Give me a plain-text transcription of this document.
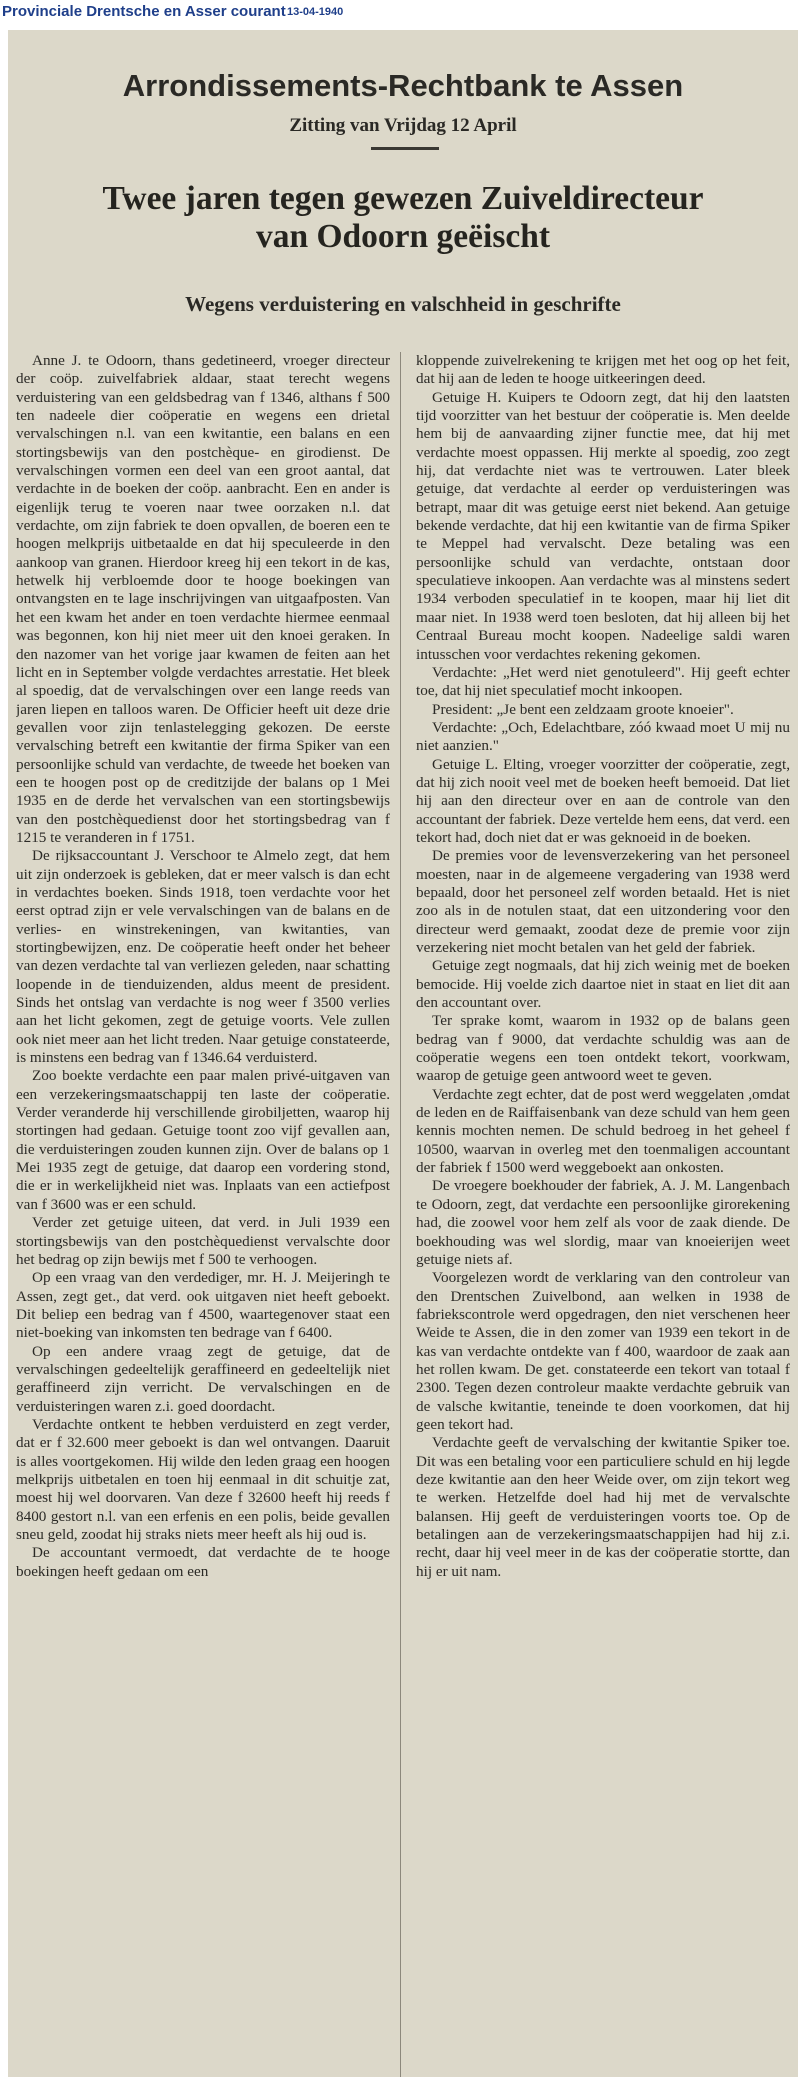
Provinciale Drentsche en Asser courant 13-04-1940
Arrondissements-Rechtbank te Assen
Zitting van Vrijdag 12 April
Twee jaren tegen gewezen Zuiveldirecteur
van Odoorn geëischt
Wegens verduistering en valschheid in geschrifte

Anne J. te Odoorn, thans gedetineerd, vroeger directeur der coöp. zuivelfabriek aldaar, staat terecht wegens verduistering van een geldsbedrag van f 1346, althans f 500 ten nadeele dier coöperatie en wegens een drietal vervalschingen n.l. van een kwitantie, een balans en een stortingsbewijs van den postchèque- en girodienst. De vervalschingen vormen een deel van een groot aantal, dat verdachte in de boeken der coöp. aanbracht. Een en ander is eigenlijk terug te voeren naar twee oorzaken n.l. dat verdachte, om zijn fabriek te doen opvallen, de boeren een te hoogen melkprijs uitbetaalde en dat hij speculeerde in den aankoop van granen. Hierdoor kreeg hij een tekort in de kas, hetwelk hij verbloemde door te hooge boekingen van ontvangsten en te lage inschrijvingen van uitgaafposten. Van het een kwam het ander en toen verdachte hiermee eenmaal was begonnen, kon hij niet meer uit den knoei geraken. In den nazomer van het vorige jaar kwamen de feiten aan het licht en in September volgde verdachtes arrestatie. Het bleek al spoedig, dat de vervalschingen over een lange reeds van jaren liepen en talloos waren. De Officier heeft uit deze drie gevallen voor zijn tenlastelegging gekozen. De eerste vervalsching betreft een kwitantie der firma Spiker van een persoonlijke schuld van verdachte, de tweede het boeken van een te hoogen post op de creditzijde der balans op 1 Mei 1935 en de derde het vervalschen van een stortingsbewijs van den postchèquedienst door het stortingsbedrag van f 1215 te veranderen in f 1751.

De rijksaccountant J. Verschoor te Almelo zegt, dat hem uit zijn onderzoek is gebleken, dat er meer valsch is dan echt in verdachtes boeken. Sinds 1918, toen verdachte voor het eerst optrad zijn er vele vervalschingen van de balans en de verlies- en winstrekeningen, van kwitanties, van stortingbewijzen, enz. De coöperatie heeft onder het beheer van dezen verdachte tal van verliezen geleden, naar schatting loopende in de tienduizenden, aldus meent de president. Sinds het ontslag van verdachte is nog weer f 3500 verlies aan het licht gekomen, zegt de getuige voorts. Vele zullen ook niet meer aan het licht treden. Naar getuige constateerde, is minstens een bedrag van f 1346.64 verduisterd.

Zoo boekte verdachte een paar malen privé-uitgaven van een verzekeringsmaatschappij ten laste der coöperatie. Verder veranderde hij verschillende girobiljetten, waarop hij stortingen had gedaan. Getuige toont zoo vijf gevallen aan, die verduisteringen zouden kunnen zijn. Over de balans op 1 Mei 1935 zegt de getuige, dat daarop een vordering stond, die er in werkelijkheid niet was. Inplaats van een actiefpost van f 3600 was er een schuld.

Verder zet getuige uiteen, dat verd. in Juli 1939 een stortingsbewijs van den postchèquedienst vervalschte door het bedrag op zijn bewijs met f 500 te verhoogen.

Op een vraag van den verdediger, mr. H. J. Meijeringh te Assen, zegt get., dat verd. ook uitgaven niet heeft geboekt. Dit beliep een bedrag van f 4500, waartegenover staat een niet-boeking van inkomsten ten bedrage van f 6400.

Op een andere vraag zegt de getuige, dat de vervalschingen gedeeltelijk geraffineerd en gedeeltelijk niet geraffineerd zijn verricht. De vervalschingen en de verduisteringen waren z.i. goed doordacht.

Verdachte ontkent te hebben verduisterd en zegt verder, dat er f 32.600 meer geboekt is dan wel ontvangen. Daaruit is alles voortgekomen. Hij wilde den leden graag een hoogen melkprijs uitbetalen en toen hij eenmaal in dit schuitje zat, moest hij wel doorvaren. Van deze f 32600 heeft hij reeds f 8400 gestort n.l. van een erfenis en een polis, beide gevallen sneu geld, zoodat hij straks niets meer heeft als hij oud is.

De accountant vermoedt, dat verdachte de te hooge boekingen heeft gedaan om een

kloppende zuivelrekening te krijgen met het oog op het feit, dat hij aan de leden te hooge uitkeeringen deed.

Getuige H. Kuipers te Odoorn zegt, dat hij den laatsten tijd voorzitter van het bestuur der coöperatie is. Men deelde hem bij de aanvaarding zijner functie mee, dat hij met verdachte moest oppassen. Hij merkte al spoedig, zoo zegt hij, dat verdachte niet was te vertrouwen. Later bleek getuige, dat verdachte al eerder op verduisteringen was betrapt, maar dit was getuige eerst niet bekend. Aan getuige bekende verdachte, dat hij een kwitantie van de firma Spiker te Meppel had vervalscht. Deze betaling was een persoonlijke schuld van verdachte, ontstaan door speculatieve inkoopen. Aan verdachte was al minstens sedert 1934 verboden speculatief in te koopen, maar hij liet dit maar niet. In 1938 werd toen besloten, dat hij alleen bij het Centraal Bureau mocht koopen. Nadeelige saldi waren intusschen voor verdachtes rekening gekomen.

Verdachte: „Het werd niet genotuleerd". Hij geeft echter toe, dat hij niet speculatief mocht inkoopen.

President: „Je bent een zeldzaam groote knoeier".

Verdachte: „Och, Edelachtbare, zóó kwaad moet U mij nu niet aanzien."

Getuige L. Elting, vroeger voorzitter der coöperatie, zegt, dat hij zich nooit veel met de boeken heeft bemoeid. Dat liet hij aan den directeur over en aan de controle van den accountant der fabriek. Deze vertelde hem eens, dat verd. een tekort had, doch niet dat er was geknoeid in de boeken.

De premies voor de levensverzekering van het personeel moesten, naar in de algemeene vergadering van 1938 werd bepaald, door het personeel zelf worden betaald. Het is niet zoo als in de notulen staat, dat een uitzondering voor den directeur werd gemaakt, zoodat deze de premie voor zijn verzekering niet mocht betalen van het geld der fabriek.

Getuige zegt nogmaals, dat hij zich weinig met de boeken bemocide. Hij voelde zich daartoe niet in staat en liet dit aan den accountant over.

Ter sprake komt, waarom in 1932 op de balans geen bedrag van f 9000, dat verdachte schuldig was aan de coöperatie wegens een toen ontdekt tekort, voorkwam, waarop de getuige geen antwoord weet te geven.

Verdachte zegt echter, dat de post werd weggelaten ,omdat de leden en de Raiffaisenbank van deze schuld van hem geen kennis mochten nemen. De schuld bedroeg in het geheel f 10500, waarvan in overleg met den toenmaligen accountant der fabriek f 1500 werd weggeboekt aan onkosten.

De vroegere boekhouder der fabriek, A. J. M. Langenbach te Odoorn, zegt, dat verdachte een persoonlijke girorekening had, die zoowel voor hem zelf als voor de zaak diende. De boekhouding was wel slordig, maar van knoeierijen weet getuige niets af.

Voorgelezen wordt de verklaring van den controleur van den Drentschen Zuivelbond, aan welken in 1938 de fabriekscontrole werd opgedragen, den niet verschenen heer Weide te Assen, die in den zomer van 1939 een tekort in de kas van verdachte ontdekte van f 400, waardoor de zaak aan het rollen kwam. De get. constateerde een tekort van totaal f 2300. Tegen dezen controleur maakte verdachte gebruik van de valsche kwitantie, teneinde te doen voorkomen, dat hij geen tekort had.

Verdachte geeft de vervalsching der kwitantie Spiker toe. Dit was een betaling voor een particuliere schuld en hij legde deze kwitantie aan den heer Weide over, om zijn tekort weg te werken. Hetzelfde doel had hij met de vervalschte balansen. Hij geeft de verduisteringen voorts toe. Op de betalingen aan de verzekeringsmaatschappijen had hij z.i. recht, daar hij veel meer in de kas der coöperatie stortte, dan hij er uit nam.
